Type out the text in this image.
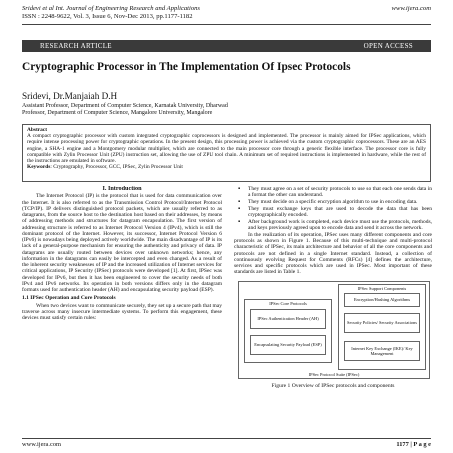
Sridevi et al Int. Journal of Engineering Research and Applications	www.ijera.com
ISSN : 2248-9622, Vol. 3, Issue 6, Nov-Dec 2013, pp.1177-1182
RESEARCH ARTICLE	OPEN ACCESS
Cryptographic Processor in The Implementation Of Ipsec Protocols
Sridevi, Dr.Manjaiah D.H
Assistant Professor, Department of Computer Science, Karnatak University, Dharwad
Professor, Department of Computer Science, Mangalore University, Mangalore
Abstract
A compact cryptographic processor with custom integrated cryptographic coprocessors is designed and implemented. The processor is mainly aimed for IPSec applications, which require intense processing power for cryptographic operations. In the present design, this processing power is achieved via the custom cryptographic coprocessors. These are an AES engine, a SHA-1 engine and a Montgomery modular multiplier, which are connected to the main processor core through a generic flexible interface. The processor core is fully compatible with Zylin Processor Unit (ZPU) instruction set, allowing the use of ZPU tool chain. A minimum set of required instructions is implemented in hardware, while the rest of the instructions are emulated in software.
Keywords: Cryptography, Processor, GCC, IPSec, Zylin Processor Unit
I. Introduction

The Internet Protocol (IP) is the protocol that is used for data communication over the Internet. It is also referred to as the Transmission Control Protocol/Internet Protocol (TCP/IP). IP delivers distinguished protocol packets, which are usually referred to as datagrams, from the source host to the destination host based on their addresses, by means of addressing methods and structures for datagram encapsulation. The first version of addressing structure is referred to as Internet Protocol Version 4 (IPv4), which is still the dominant protocol of the Internet. However, its successor, Internet Protocol Version 6 (IPv6) is nowadays being deployed actively worldwide. The main disadvantage of IP is its lack of a general-purpose mechanism for ensuring the authenticity and privacy of data. IP datagrams are usually routed between devices over unknown networks; hence, any information in the datagrams can easily be intercepted and even changed. As a result of the inherent security weaknesses of IP and the increased utilization of Internet services for critical applications, IP Security (IPSec) protocols were developed [1]. At first, IPSec was developed for IPv6, but then it has been engineered to cover the security needs of both IPv4 and IPv6 networks. Its operation in both versions differs only in the datagram formats used for authentication header (AH) and encapsulating security payload (ESP).

1.1 IPSec Operation and Core Protocols

When two devices want to communicate securely, they set up a secure path that may traverse across many insecure intermediate systems. To perform this engagement, these devices must satisfy certain rules:

▪ They must agree on a set of security protocols to use so that each one sends data in a format the other can understand.
▪ They must decide on a specific encryption algorithm to use in encoding data.
▪ They must exchange keys that are used to decode the data that has been cryptographically encoded.
▪ After background work is completed, each device must use the protocols, methods, and keys previously agreed upon to encode data and send it across the network.

In the realization of its operation, IPSec uses many different components and core protocols as shown in Figure 1. Because of this multi-technique and multi-protocol characteristic of IPSec, its main architecture and behavior of all the core components and protocols are not defined in a single Internet standard. Instead, a collection of continuously evolving Request for Comments (RFCs) [4] defines the architecture, services and specific protocols which are used in IPSec. Most important of these standards are listed in Table 1.

IPSec Support Components
Encryption/Hashing Algorithms
Security Policies/ Security Associations
Internet Key Exchange (IKE)/ Key Management
IPSec Core Protocols
IPSec Authentication Header (AH)
Encapsulating Security Payload (ESP)
IPSec Protocol Suite (IPSec)
Figure 1 Overview of IPSec protocols and components
www.ijera.com	1177 | P a g e
